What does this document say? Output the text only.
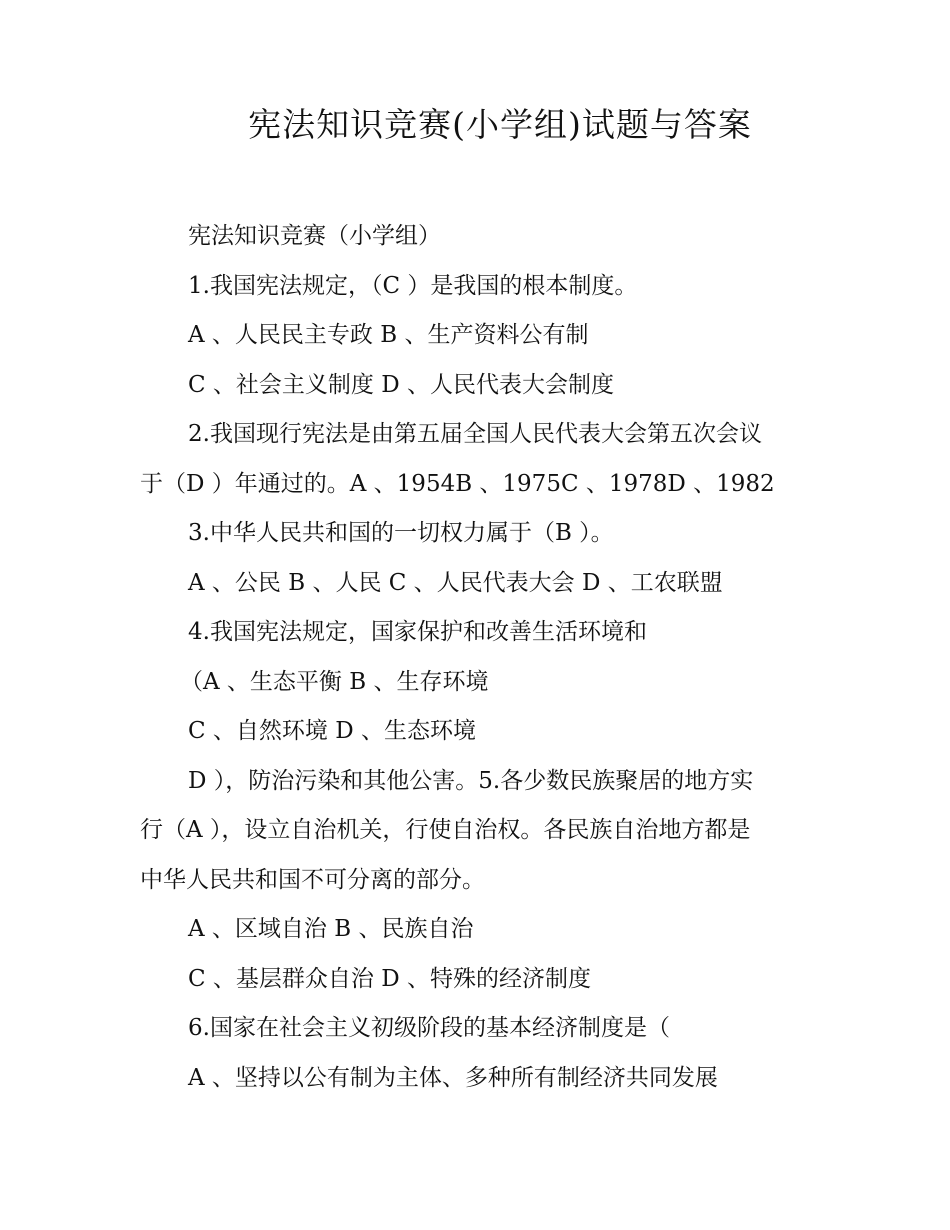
宪法知识竞赛(小学组)试题与答案
宪法知识竞赛（小学组）
1.我国宪法规定，（C ）是我国的根本制度。
A 、人民民主专政 B 、生产资料公有制
C 、社会主义制度 D 、人民代表大会制度
2.我国现行宪法是由第五届全国人民代表大会第五次会议
于（D ）年通过的。A 、1954B 、1975C 、1978D 、1982
3.中华人民共和国的一切权力属于（B ）。
A 、公民 B 、人民 C 、人民代表大会 D 、工农联盟
4.我国宪法规定，国家保护和改善生活环境和
（A 、生态平衡 B 、生存环境
C 、自然环境 D 、生态环境
D ），防治污染和其他公害。5.各少数民族聚居的地方实
行（A ），设立自治机关，行使自治权。各民族自治地方都是
中华人民共和国不可分离的部分。
A 、区域自治 B 、民族自治
C 、基层群众自治 D 、特殊的经济制度
6.国家在社会主义初级阶段的基本经济制度是（
A 、坚持以公有制为主体、多种所有制经济共同发展
